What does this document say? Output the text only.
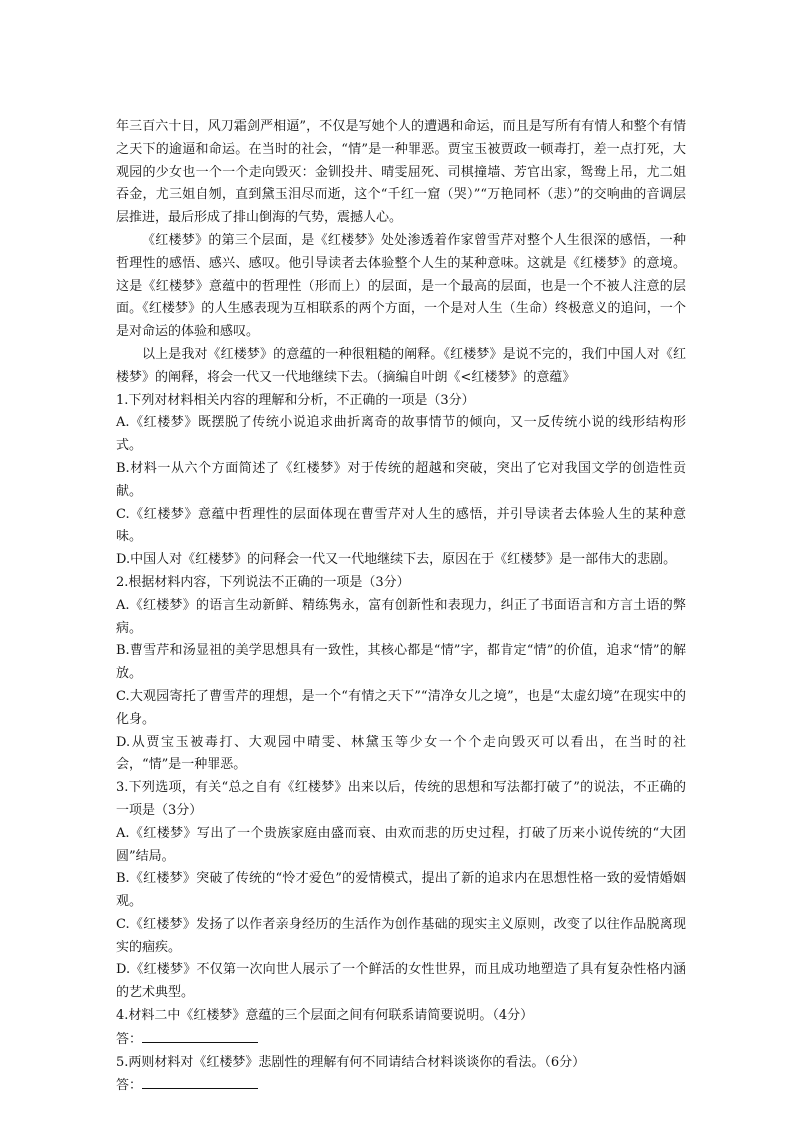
年三百六十日，风刀霜剑严相逼”，不仅是写她个人的遭遇和命运，而且是写所有有情人和整个有情之天下的逾逼和命运。在当时的社会，“情”是一种罪恶。贾宝玉被贾政一顿毒打，差一点打死，大观园的少女也一个一个走向毁灭：金钏投井、晴雯屈死、司棋撞墙、芳官出家，鸳鸯上吊，尤二姐吞金，尤三姐自刎，直到黛玉泪尽而逝，这个“千红一窟（哭）”“万艳同杯（悲）”的交响曲的音调层层推进，最后形成了排山倒海的气势，震撼人心。

《红楼梦》的第三个层面，是《红楼梦》处处渗透着作家曾雪芹对整个人生很深的感悟，一种哲理性的感悟、感兴、感叹。他引导读者去体验整个人生的某种意味。这就是《红楼梦》的意境。这是《红楼梦》意蕴中的哲理性（形而上）的层面，是一个最高的层面，也是一个不被人注意的层面。《红楼梦》的人生感表现为互相联系的两个方面，一个是对人生（生命）终极意义的追问，一个是对命运的体验和感叹。

以上是我对《红楼梦》的意蕴的一种很粗糙的阐释。《红楼梦》是说不完的，我们中国人对《红楼梦》的阐释，将会一代又一代地继续下去。（摘编自叶朗《<红楼梦》的意蕴》

1.下列对材料相关内容的理解和分析，不正确的一项是（3分）

A.《红楼梦》既摆脱了传统小说追求曲折离奇的故事情节的倾向，又一反传统小说的线形结构形式。

B.材料一从六个方面简述了《红楼梦》对于传统的超越和突破，突出了它对我国文学的创造性贡献。

C.《红楼梦》意蕴中哲理性的层面体现在曹雪芹对人生的感悟，并引导读者去体验人生的某种意味。

D.中国人对《红楼梦》的问释会一代又一代地继续下去，原因在于《红楼梦》是一部伟大的悲剧。

2.根据材料内容，下列说法不正确的一项是（3分）

A.《红楼梦》的语言生动新鲜、精练隽永，富有创新性和表现力，纠正了书面语言和方言土语的弊病。

B.曹雪芹和汤显祖的美学思想具有一致性，其核心都是“情”字，都肯定“情”的价值，追求“情”的解放。

C.大观园寄托了曹雪芹的理想，是一个“有情之天下”“清净女儿之境”，也是“太虚幻境”在现实中的化身。

D.从贾宝玉被毒打、大观园中晴雯、林黛玉等少女一个个走向毁灭可以看出，在当时的社会，“情”是一种罪恶。

3.下列选项，有关“总之自有《红楼梦》出来以后，传统的思想和写法都打破了”的说法，不正确的一项是（3分）

A.《红楼梦》写出了一个贵族家庭由盛而衰、由欢而悲的历史过程，打破了历来小说传统的“大团圆”结局。

B.《红楼梦》突破了传统的“怜才爱色”的爱情模式，提出了新的追求内在思想性格一致的爱情婚姻观。

C.《红楼梦》发扬了以作者亲身经历的生活作为创作基础的现实主义原则，改变了以往作品脱离现实的痼疾。

D.《红楼梦》不仅第一次向世人展示了一个鲜活的女性世界，而且成功地塑造了具有复杂性格内涵的艺术典型。

4.材料二中《红楼梦》意蕴的三个层面之间有何联系请简要说明。（4分）

答：

5.两则材料对《红楼梦》悲剧性的理解有何不同请结合材料谈谈你的看法。（6分）

答：
